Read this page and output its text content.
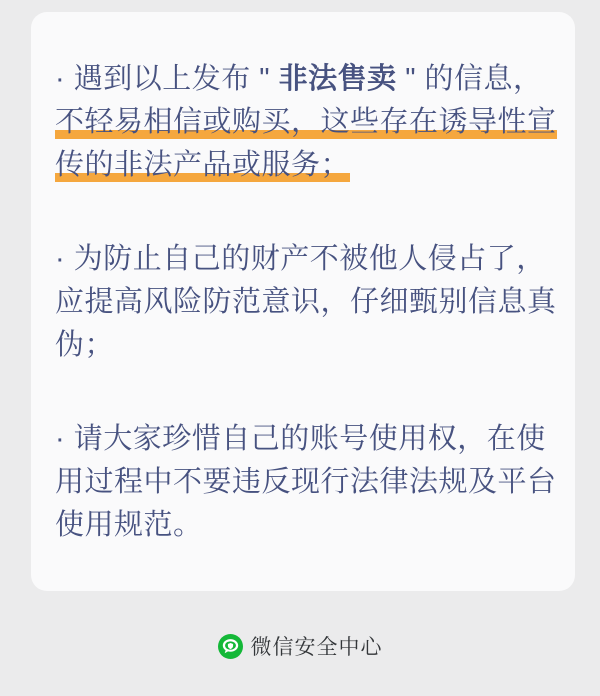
· 遇到以上发布 " 非法售卖 " 的信息，
不轻易相信或购买，这些存在诱导性宣
传的非法产品或服务；
· 为防止自己的财产不被他人侵占了，
应提高风险防范意识，仔细甄别信息真
伪；
· 请大家珍惜自己的账号使用权，在使
用过程中不要违反现行法律法规及平台
使用规范。
微信安全中心
